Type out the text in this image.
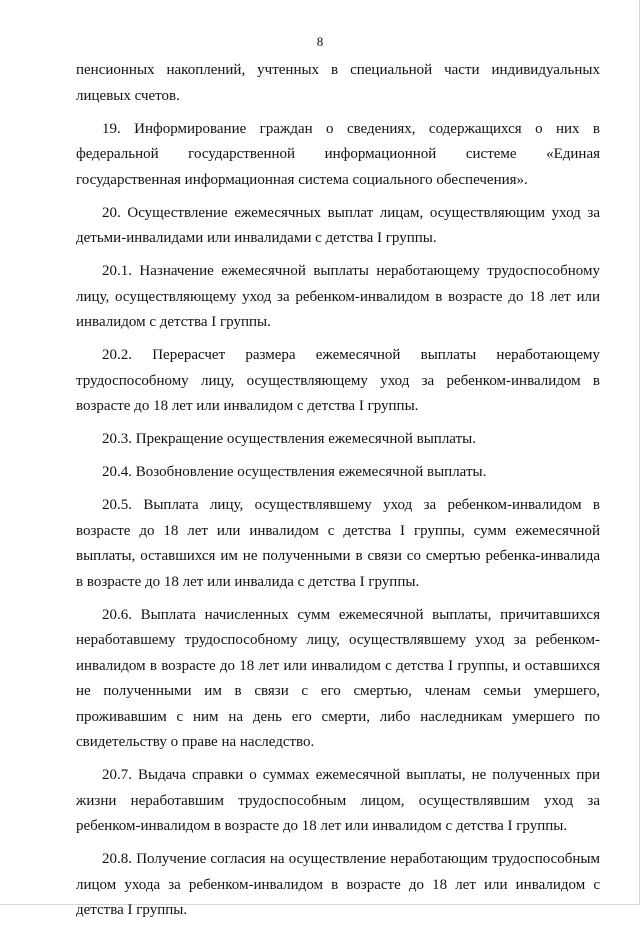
8

пенсионных накоплений, учтенных в специальной части индивидуальных лицевых счетов.

19. Информирование граждан о сведениях, содержащихся о них в федеральной государственной информационной системе «Единая государственная информационная система социального обеспечения».

20. Осуществление ежемесячных выплат лицам, осуществляющим уход за детьми-инвалидами или инвалидами с детства I группы.

20.1. Назначение ежемесячной выплаты неработающему трудоспособному лицу, осуществляющему уход за ребенком-инвалидом в возрасте до 18 лет или инвалидом с детства I группы.

20.2. Перерасчет размера ежемесячной выплаты неработающему трудоспособному лицу, осуществляющему уход за ребенком-инвалидом в возрасте до 18 лет или инвалидом с детства I группы.

20.3. Прекращение осуществления ежемесячной выплаты.

20.4. Возобновление осуществления ежемесячной выплаты.

20.5. Выплата лицу, осуществлявшему уход за ребенком-инвалидом в возрасте до 18 лет или инвалидом с детства I группы, сумм ежемесячной выплаты, оставшихся им не полученными в связи со смертью ребенка-инвалида в возрасте до 18 лет или инвалида с детства I группы.

20.6. Выплата начисленных сумм ежемесячной выплаты, причитавшихся неработавшему трудоспособному лицу, осуществлявшему уход за ребенком-инвалидом в возрасте до 18 лет или инвалидом с детства I группы, и оставшихся не полученными им в связи с его смертью, членам семьи умершего, проживавшим с ним на день его смерти, либо наследникам умершего по свидетельству о праве на наследство.

20.7. Выдача справки о суммах ежемесячной выплаты, не полученных при жизни неработавшим трудоспособным лицом, осуществлявшим уход за ребенком-инвалидом в возрасте до 18 лет или инвалидом с детства I группы.

20.8. Получение согласия на осуществление неработающим трудоспособным лицом ухода за ребенком-инвалидом в возрасте до 18 лет или инвалидом с детства I группы.
